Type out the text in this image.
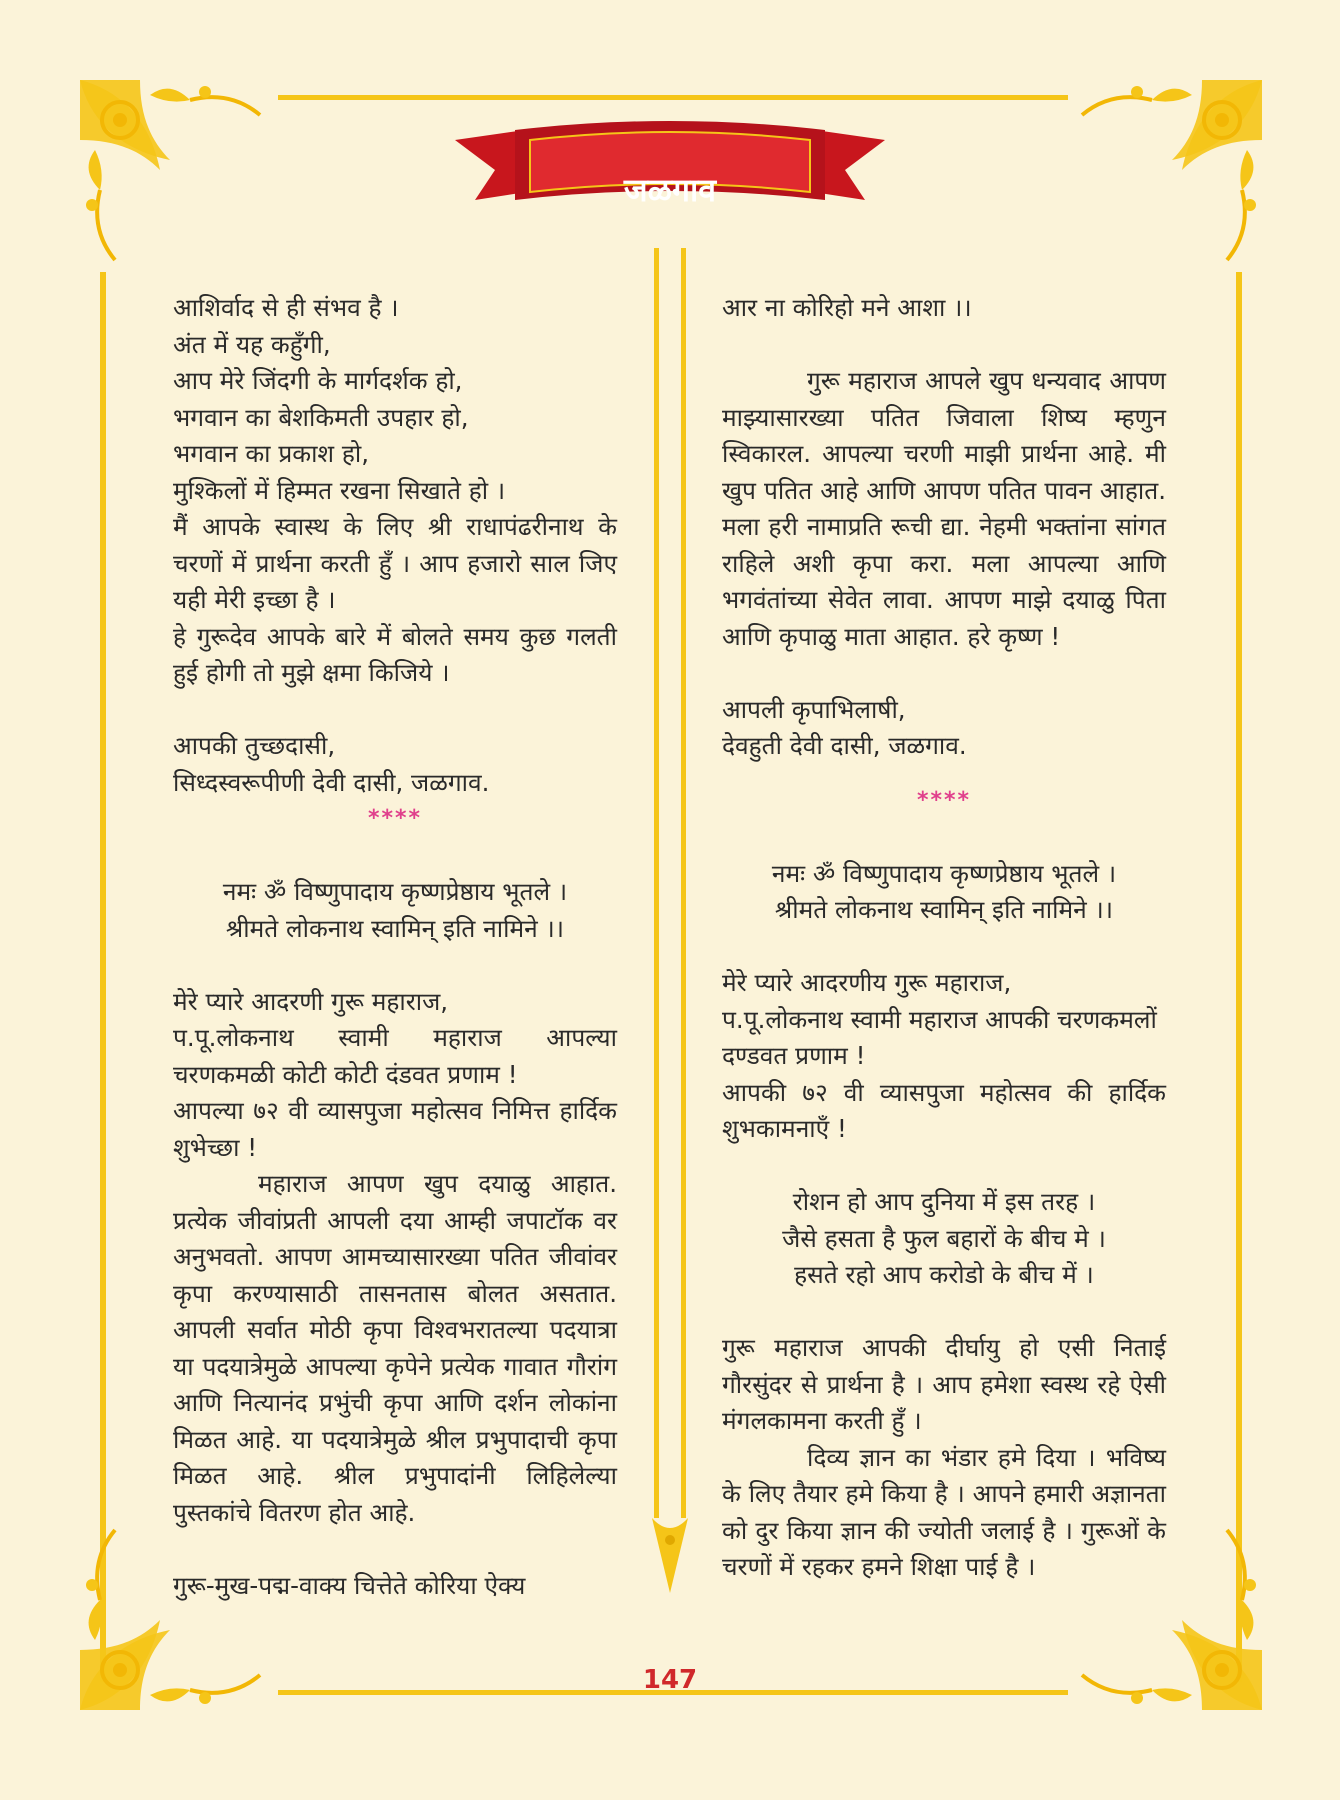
जळगाव

आशिर्वाद से ही संभव है ।

अंत में यह कहुँगी,

आप मेरे जिंदगी के मार्गदर्शक हो,

भगवान का बेशकिमती उपहार हो,

भगवान का प्रकाश हो,

मुश्किलों में हिम्मत रखना सिखाते हो ।

मैं आपके स्वास्थ के लिए श्री राधापंढरीनाथ के

चरणों में प्रार्थना करती हुँ । आप हजारो साल जिए

यही मेरी इच्छा है ।

हे गुरूदेव आपके बारे में बोलते समय कुछ गलती

हुई होगी तो मुझे क्षमा किजिये ।

आपकी तुच्छदासी,

सिध्दस्वरूपीणी देवी दासी, जळगाव.

****

नमः ॐ विष्णुपादाय कृष्णप्रेष्ठाय भूतले ।

श्रीमते लोकनाथ स्वामिन् इति नामिने ।।

मेरे प्यारे आदरणी गुरू महाराज,

प.पू.लोकनाथ स्वामी महाराज आपल्या

चरणकमळी कोटी कोटी दंडवत प्रणाम !

आपल्या ७२ वी व्यासपुजा महोत्सव निमित्त हार्दिक

शुभेच्छा !

महाराज आपण खुप दयाळु आहात.

प्रत्येक जीवांप्रती आपली दया आम्ही जपाटॉक वर

अनुभवतो. आपण आमच्यासारख्या पतित जीवांवर

कृपा करण्यासाठी तासनतास बोलत असतात.

आपली सर्वात मोठी कृपा विश्वभरातल्या पदयात्रा

या पदयात्रेमुळे आपल्या कृपेने प्रत्येक गावात गौरांग

आणि नित्यानंद प्रभुंची कृपा आणि दर्शन लोकांना

मिळत आहे. या पदयात्रेमुळे श्रील प्रभुपादाची कृपा

मिळत आहे. श्रील प्रभुपादांनी लिहिलेल्या

पुस्तकांचे वितरण होत आहे.

गुरू-मुख-पद्म-वाक्य चित्तेते कोरिया ऐक्य

आर ना कोरिहो मने आशा ।।

गुरू महाराज आपले खुप धन्यवाद आपण

माझ्यासारख्या पतित जिवाला शिष्य म्हणुन

स्विकारल. आपल्या चरणी माझी प्रार्थना आहे. मी

खुप पतित आहे आणि आपण पतित पावन आहात.

मला हरी नामाप्रति रूची द्या. नेहमी भक्तांना सांगत

राहिले अशी कृपा करा. मला आपल्या आणि

भगवंतांच्या सेवेत लावा. आपण माझे दयाळु पिता

आणि कृपाळु माता आहात. हरे कृष्ण !

आपली कृपाभिलाषी,

देवहुती देवी दासी, जळगाव.

****

नमः ॐ विष्णुपादाय कृष्णप्रेष्ठाय भूतले ।

श्रीमते लोकनाथ स्वामिन् इति नामिने ।।

मेरे प्यारे आदरणीय गुरू महाराज,

प.पू.लोकनाथ स्वामी महाराज आपकी चरणकमलों

दण्डवत प्रणाम !

आपकी ७२ वी व्यासपुजा महोत्सव की हार्दिक

शुभकामनाएँ !

रोशन हो आप दुनिया में इस तरह ।

जैसे हसता है फुल बहारों के बीच मे ।

हसते रहो आप करोडो के बीच में ।

गुरू महाराज आपकी दीर्घायु हो एसी निताई

गौरसुंदर से प्रार्थना है । आप हमेशा स्वस्थ रहे ऐसी

मंगलकामना करती हुँ ।

दिव्य ज्ञान का भंडार हमे दिया । भविष्य

के लिए तैयार हमे किया है । आपने हमारी अज्ञानता

को दुर किया ज्ञान की ज्योती जलाई है । गुरूओं के

चरणों में रहकर हमने शिक्षा पाई है ।

147
